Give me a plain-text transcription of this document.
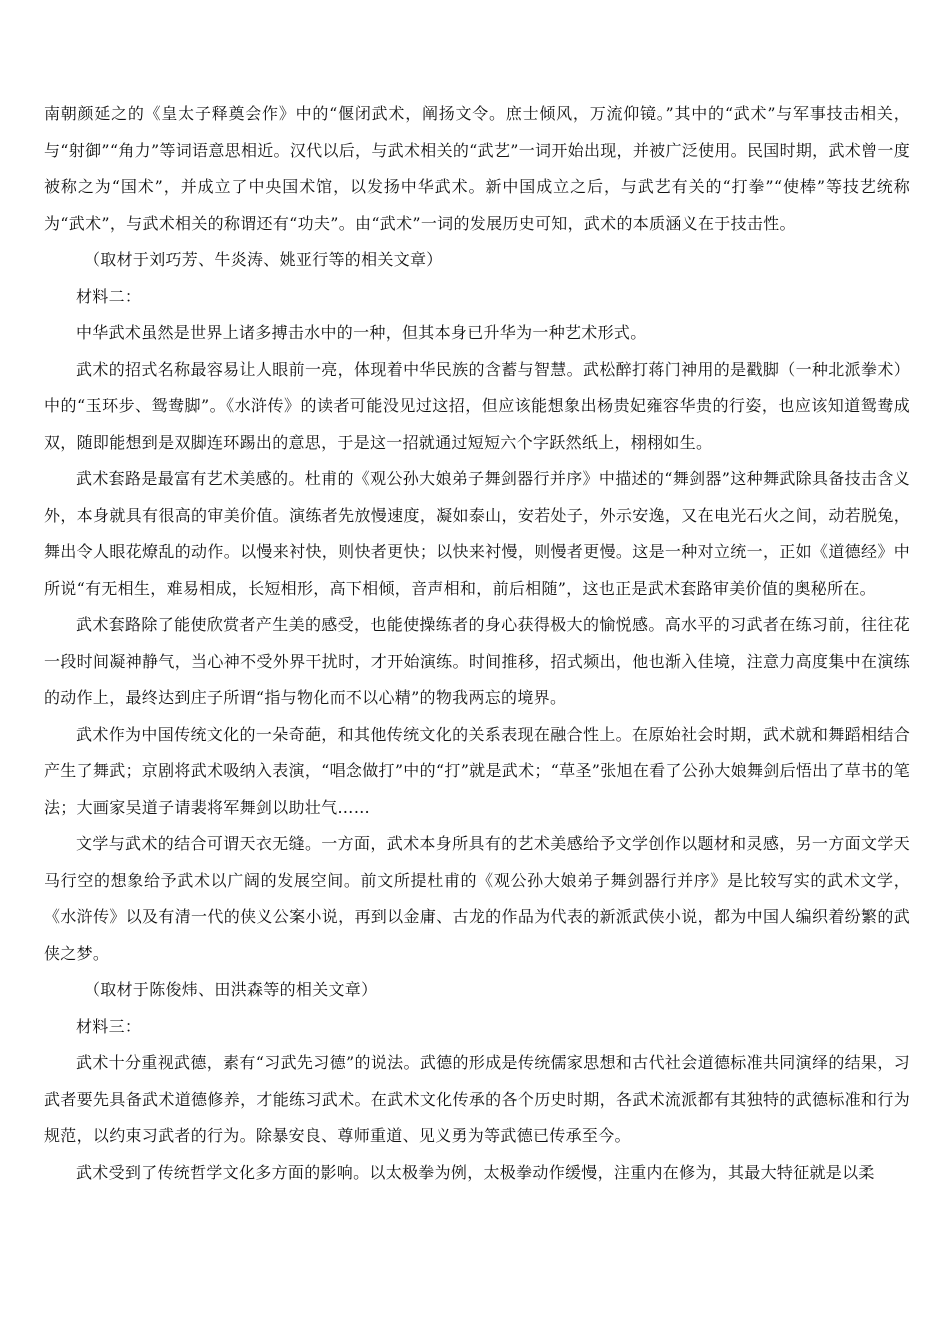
南朝颜延之的《皇太子释奠会作》中的“偃闭武术，阐扬文令。庶士倾风，万流仰镜。”其中的“武术”与军事技击相关，与“射御”“角力”等词语意思相近。汉代以后，与武术相关的“武艺”一词开始出现，并被广泛使用。民国时期，武术曾一度被称之为“国术”，并成立了中央国术馆，以发扬中华武术。新中国成立之后，与武艺有关的“打拳”“使棒”等技艺统称为“武术”，与武术相关的称谓还有“功夫”。由“武术”一词的发展历史可知，武术的本质涵义在于技击性。

（取材于刘巧芳、牛炎涛、姚亚行等的相关文章）

材料二：

中华武术虽然是世界上诸多搏击水中的一种，但其本身已升华为一种艺术形式。

武术的招式名称最容易让人眼前一亮，体现着中华民族的含蓄与智慧。武松醉打蒋门神用的是戳脚（一种北派拳术）中的“玉环步、鸳鸯脚”。《水浒传》的读者可能没见过这招，但应该能想象出杨贵妃雍容华贵的行姿，也应该知道鸳鸯成双，随即能想到是双脚连环踢出的意思，于是这一招就通过短短六个字跃然纸上，栩栩如生。

武术套路是最富有艺术美感的。杜甫的《观公孙大娘弟子舞剑器行并序》中描述的“舞剑器”这种舞武除具备技击含义外，本身就具有很高的审美价值。演练者先放慢速度，凝如泰山，安若处子，外示安逸，又在电光石火之间，动若脱兔，舞出令人眼花燎乱的动作。以慢来衬快，则快者更快；以快来衬慢，则慢者更慢。这是一种对立统一，正如《道德经》中所说“有无相生，难易相成，长短相形，高下相倾，音声相和，前后相随”，这也正是武术套路审美价值的奥秘所在。

武术套路除了能使欣赏者产生美的感受，也能使操练者的身心获得极大的愉悦感。高水平的习武者在练习前，往往花一段时间凝神静气，当心神不受外界干扰时，才开始演练。时间推移，招式频出，他也渐入佳境，注意力高度集中在演练的动作上，最终达到庄子所谓“指与物化而不以心精”的物我两忘的境界。

武术作为中国传统文化的一朵奇葩，和其他传统文化的关系表现在融合性上。在原始社会时期，武术就和舞蹈相结合产生了舞武；京剧将武术吸纳入表演，“唱念做打”中的“打”就是武术；“草圣”张旭在看了公孙大娘舞剑后悟出了草书的笔法；大画家吴道子请裴将军舞剑以助壮气……

文学与武术的结合可谓天衣无缝。一方面，武术本身所具有的艺术美感给予文学创作以题材和灵感，另一方面文学天马行空的想象给予武术以广阔的发展空间。前文所提杜甫的《观公孙大娘弟子舞剑器行并序》是比较写实的武术文学，《水浒传》以及有清一代的侠义公案小说，再到以金庸、古龙的作品为代表的新派武侠小说，都为中国人编织着纷繁的武侠之梦。

（取材于陈俊炜、田洪森等的相关文章）

材料三：

武术十分重视武德，素有“习武先习德”的说法。武德的形成是传统儒家思想和古代社会道德标准共同演绎的结果，习武者要先具备武术道德修养，才能练习武术。在武术文化传承的各个历史时期，各武术流派都有其独特的武德标准和行为规范，以约束习武者的行为。除暴安良、尊师重道、见义勇为等武德已传承至今。

武术受到了传统哲学文化多方面的影响。以太极拳为例，太极拳动作缓慢，注重内在修为，其最大特征就是以柔
